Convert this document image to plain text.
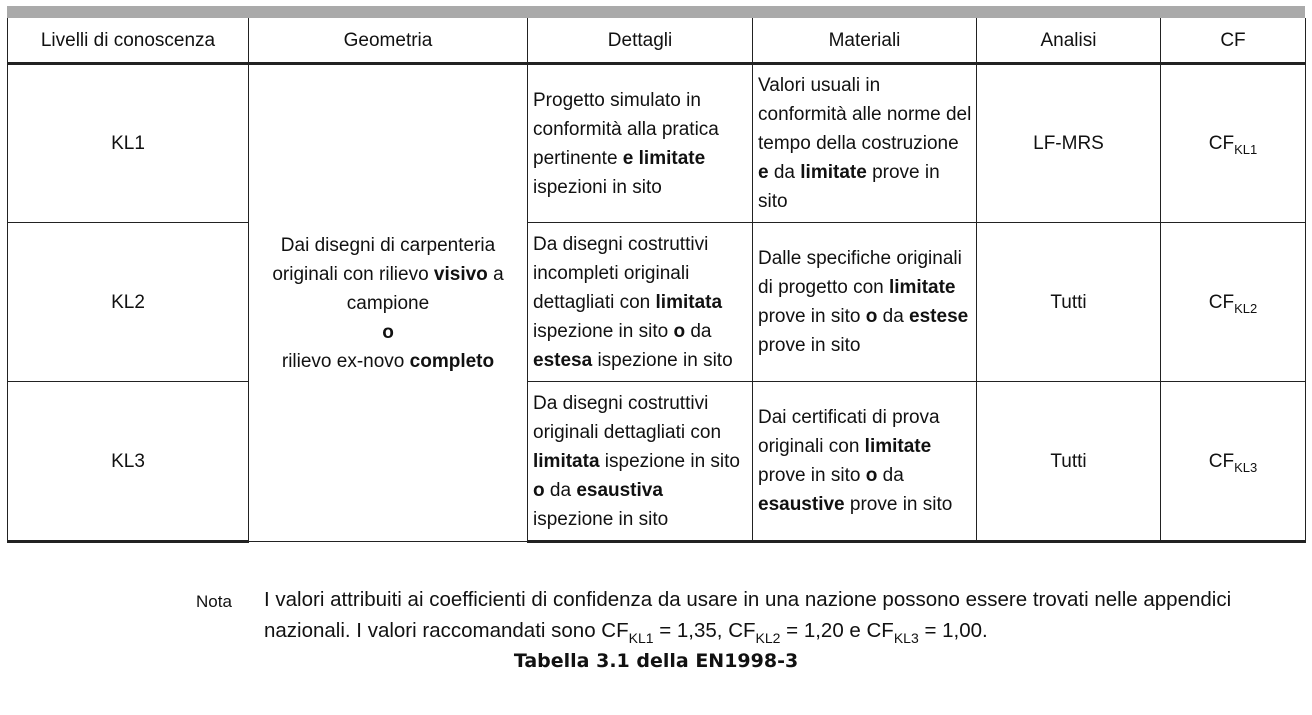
Livelli di conoscenza	Geometria	Dettagli	Materiali	Analisi	CF
KL1	Dai disegni di carpenteria
originali con rilievo visivo a
campione
o
rilievo ex-novo completo	Progetto simulato in conformità alla pratica pertinente e limitate ispezioni in sito	Valori usuali in conformità alle norme del tempo della costruzione e da limitate prove in sito	LF-MRS	$CF_{KL1}$
KL2		Da disegni costruttivi incompleti originali dettagliati con limitata ispezione in sito o da estesa ispezione in sito	Dalle specifiche originali di progetto con limitate prove in sito o da estese prove in sito	Tutti	$CF_{KL2}$
KL3		Da disegni costruttivi originali dettagliati con limitata ispezione in sito o da esaustiva ispezione in sito	Dai certificati di prova originali con limitate prove in sito o da esaustive prove in sito	Tutti	$CF_{KL3}$
Nota I valori attribuiti ai coefficienti di confidenza da usare in una nazione possono essere trovati nelle appendici nazionali. I valori raccomandati sono $CF_{KL1} = 1,35$, $CF_{KL2} = 1,20$ e $CF_{KL3} = 1,00$.
Tabella 3.1 della EN1998-3
